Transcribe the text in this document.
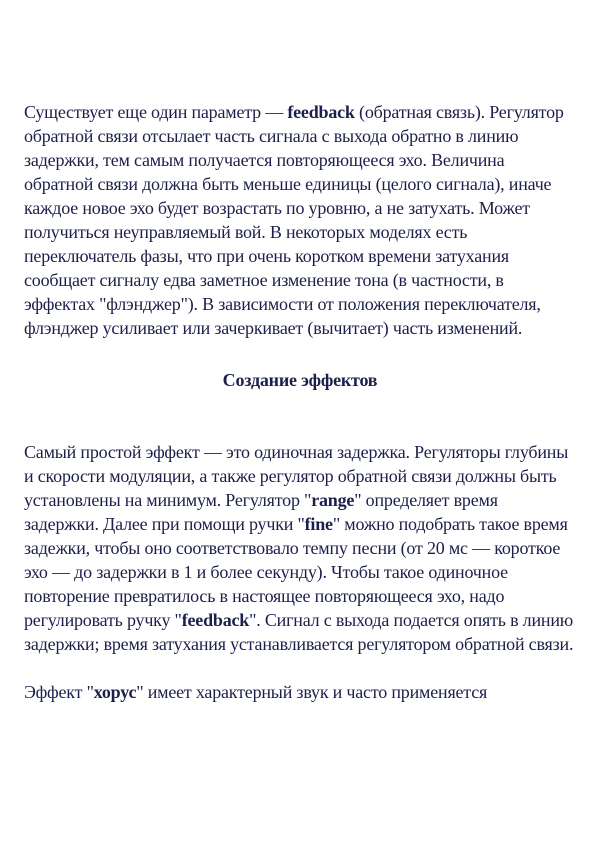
Существует еще один параметр — feedback (обратная связь). Регулятор обратной связи отсылает часть сигнала с выхода обратно в линию задержки, тем самым получается повторяющееся эхо. Величина обратной связи должна быть меньше единицы (целого сигнала), иначе каждое новое эхо будет возрастать по уровню, а не затухать. Может получиться неуправляемый вой. В некоторых моделях есть переключатель фазы, что при очень коротком времени затухания сообщает сигналу едва заметное изменение тона (в частности, в эффектах "флэнджер"). В зависимости от положения переключателя, флэнджер усиливает или зачеркивает (вычитает) часть изменений.

Создание эффектов

Самый простой эффект — это одиночная задержка. Регуляторы глубины и скорости модуляции, а также регулятор обратной связи должны быть установлены на минимум. Регулятор "range" определяет время задержки. Далее при помощи ручки "fine" можно подобрать такое время задежки, чтобы оно соответствовало темпу песни (от 20 мс — короткое эхо — до задержки в 1 и более секунду). Чтобы такое одиночное повторение превратилось в настоящее повторяющееся эхо, надо регулировать ручку "feedback". Сигнал с выхода подается опять в линию задержки; время затухания устанавливается регулятором обратной связи.

Эффект "хорус" имеет характерный звук и часто применяется
